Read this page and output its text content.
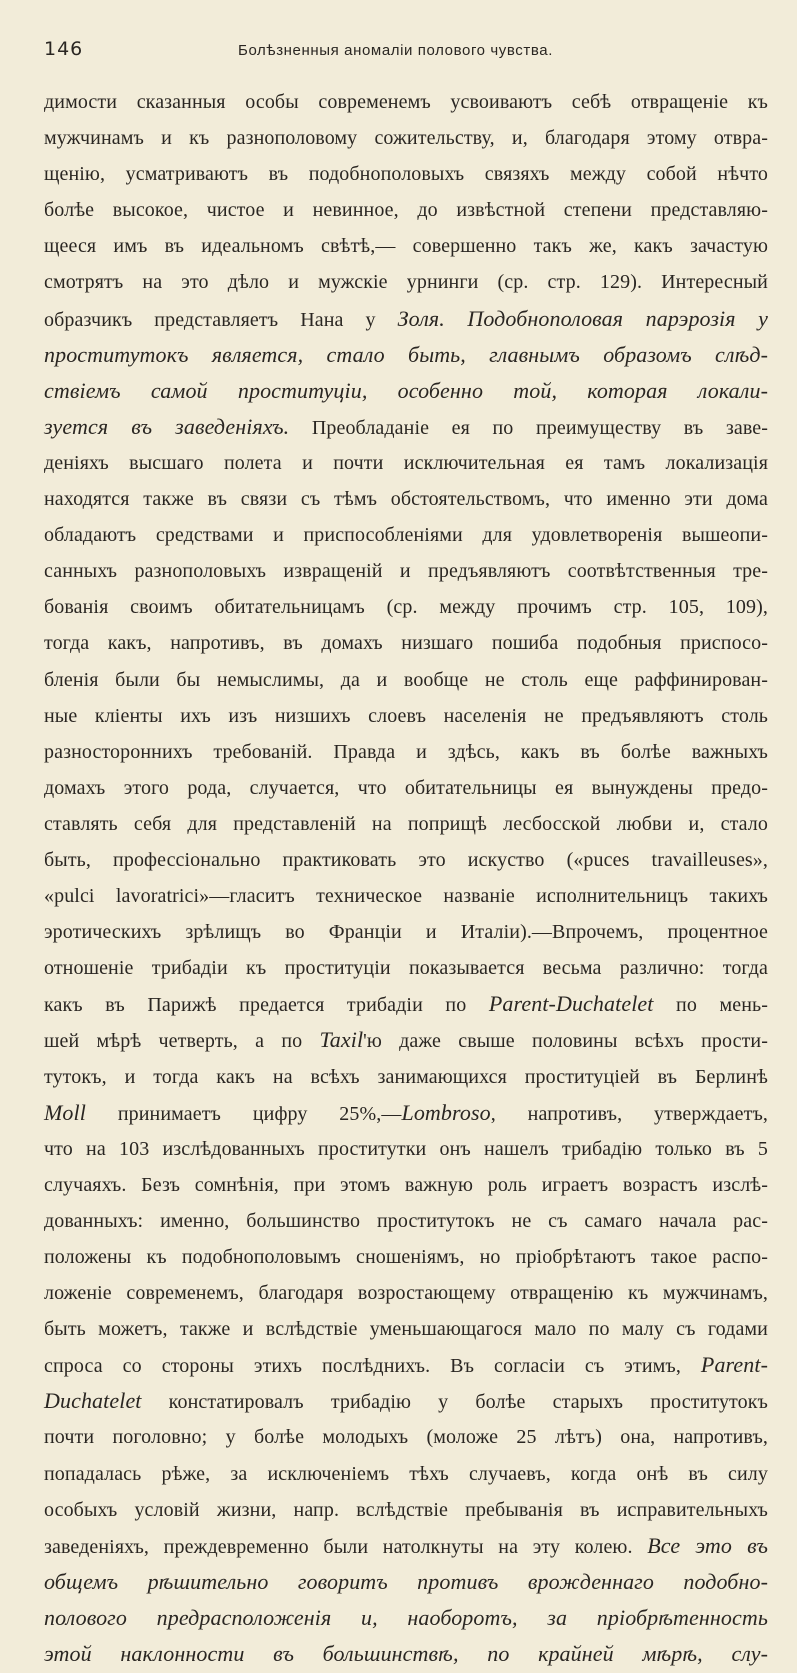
146	Болѣзненныя аномаліи полового чувства.
димости сказанныя особы современемъ усвоиваютъ себѣ отвращеніе къ
мужчинамъ и къ разнополовому сожительству, и, благодаря этому отвра-
щенію, усматриваютъ въ подобнополовыхъ связяхъ между собой нѣчто
болѣе высокое, чистое и невинное, до извѣстной степени представляю-
щееся имъ въ идеальномъ свѣтѣ,— совершенно такъ же, какъ зачастую
смотрятъ на это дѣло и мужскіе урнинги (ср. стр. 129). Интересный
образчикъ представляетъ Нана у Золя. Подобнополовая парэрозія у
проститутокъ является, стало быть, главнымъ образомъ слѣд-
ствіемъ самой проституціи, особенно той, которая локали-
зуется въ заведеніяхъ. Преобладаніе ея по преимуществу въ заве-
деніяхъ высшаго полета и почти исключительная ея тамъ локализація
находятся также въ связи съ тѣмъ обстоятельствомъ, что именно эти дома
обладаютъ средствами и приспособленіями для удовлетворенія вышеопи-
санныхъ разнополовыхъ извращеній и предъявляютъ соотвѣтственныя тре-
бованія своимъ обитательницамъ (ср. между прочимъ стр. 105, 109),
тогда какъ, напротивъ, въ домахъ низшаго пошиба подобныя приспосо-
бленія были бы немыслимы, да и вообще не столь еще раффинирован-
ные кліенты ихъ изъ низшихъ слоевъ населенія не предъявляютъ столь
разностороннихъ требованій. Правда и здѣсь, какъ въ болѣе важныхъ
домахъ этого рода, случается, что обитательницы ея вынуждены предо-
ставлять себя для представленій на поприщѣ лесбосской любви и, стало
быть, профессіонально практиковать это искуство («puces travailleuses»,
«pulci lavoratrici»—гласитъ техническое названіе исполнительницъ такихъ
эротическихъ зрѣлищъ во Франціи и Италіи).—Впрочемъ, процентное
отношеніе трибадіи къ проституціи показывается весьма различно: тогда
какъ въ Парижѣ предается трибадіи по Parent-Duchatelet по мень-
шей мѣрѣ четверть, а по Taxil'ю даже свыше половины всѣхъ прости-
тутокъ, и тогда какъ на всѣхъ занимающихся проституціей въ Берлинѣ
Moll принимаетъ цифру 25%,—Lombroso, напротивъ, утверждаетъ,
что на 103 изслѣдованныхъ проститутки онъ нашелъ трибадію только въ 5
случаяхъ. Безъ сомнѣнія, при этомъ важную роль играетъ возрастъ изслѣ-
дованныхъ: именно, большинство проститутокъ не съ самаго начала рас-
положены къ подобнополовымъ сношеніямъ, но пріобрѣтаютъ такое распо-
ложеніе современемъ, благодаря возростающему отвращенію къ мужчинамъ,
быть можетъ, также и вслѣдствіе уменьшающагося мало по малу съ годами
спроса со стороны этихъ послѣднихъ. Въ согласіи съ этимъ, Parent-
Duchatelet констатировалъ трибадію у болѣе старыхъ проститутокъ
почти поголовно; у болѣе молодыхъ (моложе 25 лѣтъ) она, напротивъ,
попадалась рѣже, за исключеніемъ тѣхъ случаевъ, когда онѣ въ силу
особыхъ условій жизни, напр. вслѣдствіе пребыванія въ исправительныхъ
заведеніяхъ, преждевременно были натолкнуты на эту колею. Все это въ
общемъ рѣшительно говоритъ противъ врожденнаго подобно-
полового предрасположенія и, наоборотъ, за пріобрѣтенность
этой наклонности въ большинствѣ, по крайней мѣрѣ, слу-
